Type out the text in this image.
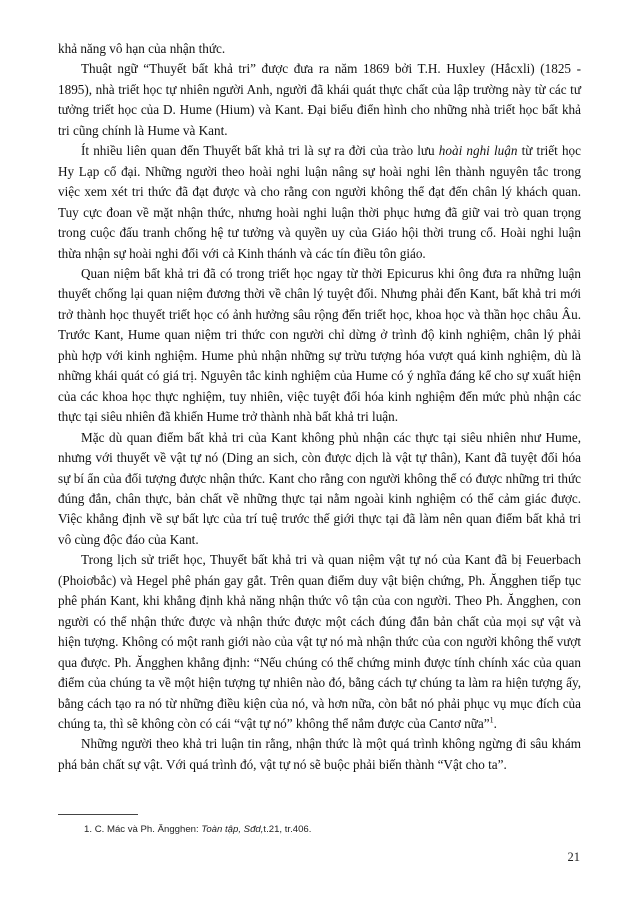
khả năng vô hạn của nhận thức.

Thuật ngữ “Thuyết bất khả tri” được đưa ra năm 1869 bởi T.H. Huxley (Hắcxli) (1825 - 1895), nhà triết học tự nhiên người Anh, người đã khái quát thực chất của lập trường này từ các tư tưởng triết học của D. Hume (Hium) và Kant. Đại biểu điển hình cho những nhà triết học bất khả tri cũng chính là Hume và Kant.

Ít nhiều liên quan đến Thuyết bất khả tri là sự ra đời của trào lưu hoài nghi luận từ triết học Hy Lạp cổ đại. Những người theo hoài nghi luận nâng sự hoài nghi lên thành nguyên tắc trong việc xem xét tri thức đã đạt được và cho rằng con người không thể đạt đến chân lý khách quan. Tuy cực đoan về mặt nhận thức, nhưng hoài nghi luận thời phục hưng đã giữ vai trò quan trọng trong cuộc đấu tranh chống hệ tư tưởng và quyền uy của Giáo hội thời trung cổ. Hoài nghi luận thừa nhận sự hoài nghi đối với cả Kinh thánh và các tín điều tôn giáo.

Quan niệm bất khả tri đã có trong triết học ngay từ thời Epicurus khi ông đưa ra những luận thuyết chống lại quan niệm đương thời về chân lý tuyệt đối. Nhưng phải đến Kant, bất khả tri mới trở thành học thuyết triết học có ảnh hưởng sâu rộng đến triết học, khoa học và thần học châu Âu. Trước Kant, Hume quan niệm tri thức con người chỉ dừng ở trình độ kinh nghiệm, chân lý phải phù hợp với kinh nghiệm. Hume phủ nhận những sự trừu tượng hóa vượt quá kinh nghiệm, dù là những khái quát có giá trị. Nguyên tắc kinh nghiệm của Hume có ý nghĩa đáng kể cho sự xuất hiện của các khoa học thực nghiệm, tuy nhiên, việc tuyệt đối hóa kinh nghiệm đến mức phủ nhận các thực tại siêu nhiên đã khiến Hume trở thành nhà bất khả tri luận.

Mặc dù quan điểm bất khả tri của Kant không phủ nhận các thực tại siêu nhiên như Hume, nhưng với thuyết về vật tự nó (Ding an sich, còn được dịch là vật tự thân), Kant đã tuyệt đối hóa sự bí ẩn của đối tượng được nhận thức. Kant cho rằng con người không thể có được những tri thức đúng đắn, chân thực, bản chất về những thực tại nằm ngoài kinh nghiệm có thể cảm giác được. Việc khẳng định về sự bất lực của trí tuệ trước thế giới thực tại đã làm nên quan điểm bất khả tri vô cùng độc đáo của Kant.

Trong lịch sử triết học, Thuyết bất khả tri và quan niệm vật tự nó của Kant đã bị Feuerbach (Phoiơbắc) và Hegel phê phán gay gắt. Trên quan điểm duy vật biện chứng, Ph. Ăngghen tiếp tục phê phán Kant, khi khẳng định khả năng nhận thức vô tận của con người. Theo Ph. Ăngghen, con người có thể nhận thức được và nhận thức được một cách đúng đắn bản chất của mọi sự vật và hiện tượng. Không có một ranh giới nào của vật tự nó mà nhận thức của con người không thể vượt qua được. Ph. Ăngghen khẳng định: “Nếu chúng có thể chứng minh được tính chính xác của quan điểm của chúng ta về một hiện tượng tự nhiên nào đó, bằng cách tự chúng ta làm ra hiện tượng ấy, bằng cách tạo ra nó từ những điều kiện của nó, và hơn nữa, còn bắt nó phải phục vụ mục đích của chúng ta, thì sẽ không còn có cái “vật tự nó” không thể nắm được của Cantơ nữa”$^1$.

Những người theo khả tri luận tin rằng, nhận thức là một quá trình không ngừng đi sâu khám phá bản chất sự vật. Với quá trình đó, vật tự nó sẽ buộc phải biến thành “Vật cho ta”.

1. C. Mác và Ph. Ăngghen: Toàn tập, Sđd,t.21, tr.406.
21
